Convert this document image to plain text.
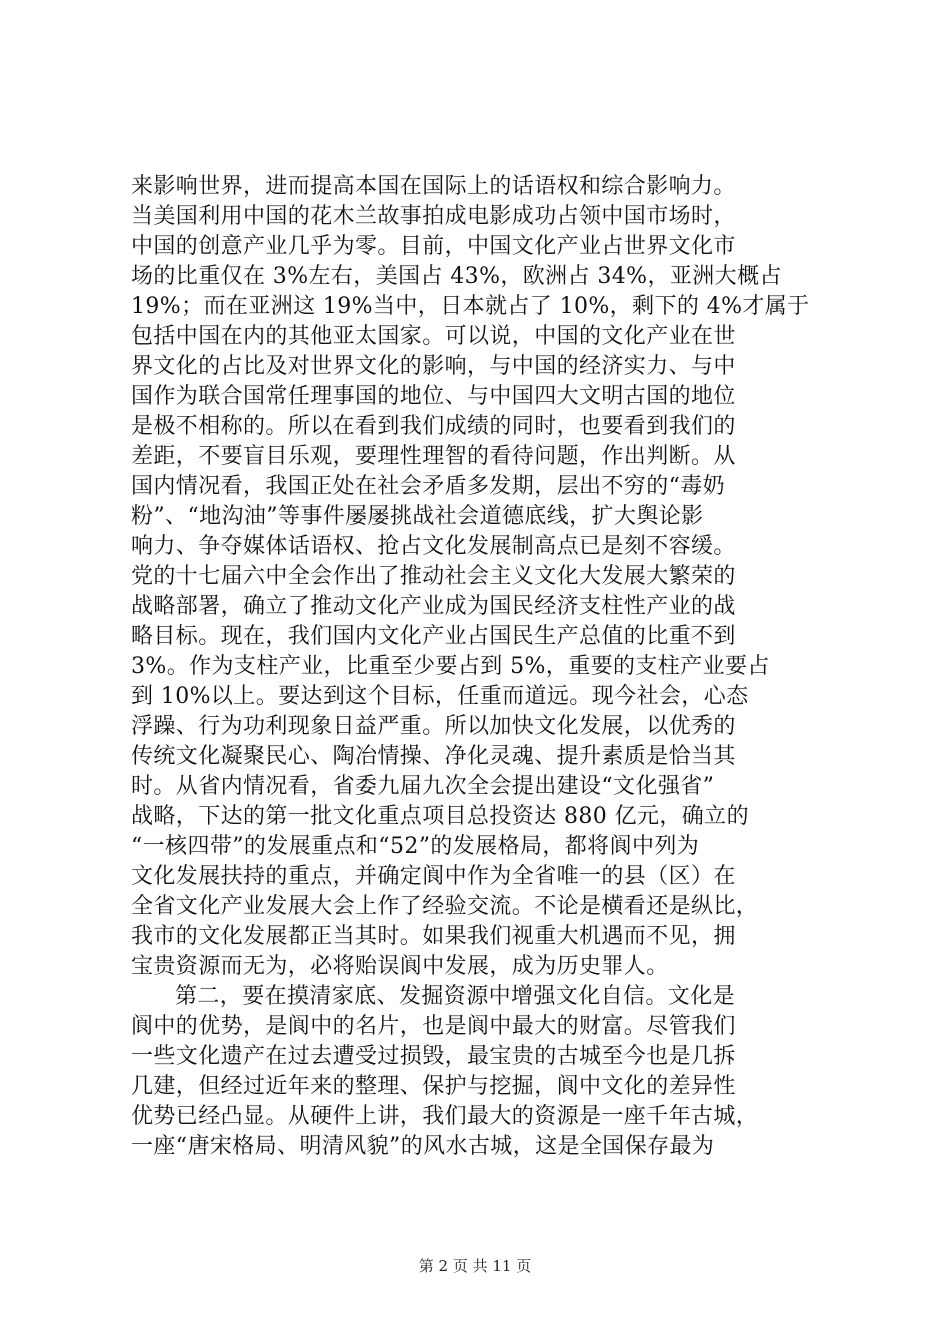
来影响世界，进而提高本国在国际上的话语权和综合影响力。
当美国利用中国的花木兰故事拍成电影成功占领中国市场时，
中国的创意产业几乎为零。目前，中国文化产业占世界文化市
场的比重仅在 3%左右，美国占 43%，欧洲占 34%，亚洲大概占
19%；而在亚洲这 19%当中，日本就占了 10%，剩下的 4%才属于
包括中国在内的其他亚太国家。可以说，中国的文化产业在世
界文化的占比及对世界文化的影响，与中国的经济实力、与中
国作为联合国常任理事国的地位、与中国四大文明古国的地位
是极不相称的。所以在看到我们成绩的同时，也要看到我们的
差距，不要盲目乐观，要理性理智的看待问题，作出判断。从
国内情况看，我国正处在社会矛盾多发期，层出不穷的“毒奶
粉”、“地沟油”等事件屡屡挑战社会道德底线，扩大舆论影
响力、争夺媒体话语权、抢占文化发展制高点已是刻不容缓。
党的十七届六中全会作出了推动社会主义文化大发展大繁荣的
战略部署，确立了推动文化产业成为国民经济支柱性产业的战
略目标。现在，我们国内文化产业占国民生产总值的比重不到
3%。作为支柱产业，比重至少要占到 5%，重要的支柱产业要占
到 10%以上。要达到这个目标，任重而道远。现今社会，心态
浮躁、行为功利现象日益严重。所以加快文化发展，以优秀的
传统文化凝聚民心、陶冶情操、净化灵魂、提升素质是恰当其
时。从省内情况看，省委九届九次全会提出建设“文化强省”
战略，下达的第一批文化重点项目总投资达 880 亿元，确立的
“一核四带”的发展重点和“52”的发展格局，都将阆中列为
文化发展扶持的重点，并确定阆中作为全省唯一的县（区）在
全省文化产业发展大会上作了经验交流。不论是横看还是纵比，
我市的文化发展都正当其时。如果我们视重大机遇而不见，拥
宝贵资源而无为，必将贻误阆中发展，成为历史罪人。
第二，要在摸清家底、发掘资源中增强文化自信。文化是
阆中的优势，是阆中的名片，也是阆中最大的财富。尽管我们
一些文化遗产在过去遭受过损毁，最宝贵的古城至今也是几拆
几建，但经过近年来的整理、保护与挖掘，阆中文化的差异性
优势已经凸显。从硬件上讲，我们最大的资源是一座千年古城，
一座“唐宋格局、明清风貌”的风水古城，这是全国保存最为
第 2 页 共 11 页
